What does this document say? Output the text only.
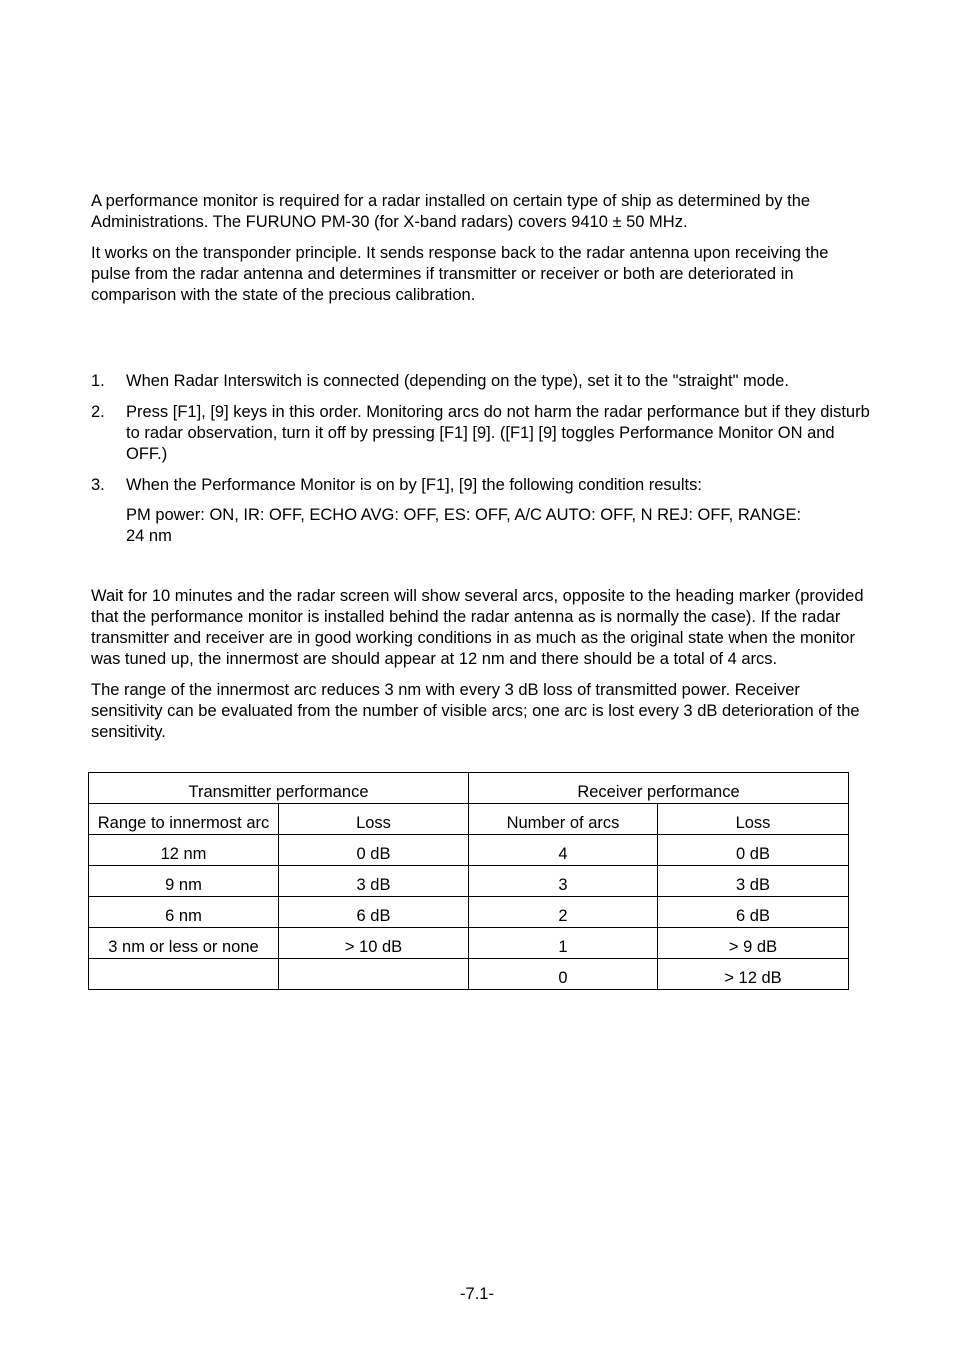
A performance monitor is required for a radar installed on certain type of ship as determined by the Administrations. The FURUNO PM-30 (for X-band radars) covers 9410 ± 50 MHz.

It works on the transponder principle. It sends response back to the radar antenna upon receiving the pulse from the radar antenna and determines if transmitter or receiver or both are deteriorated in comparison with the state of the precious calibration.

1. When Radar Interswitch is connected (depending on the type), set it to the "straight" mode.
2. Press [F1], [9] keys in this order. Monitoring arcs do not harm the radar performance but if they disturb to radar observation, turn it off by pressing [F1] [9]. ([F1] [9] toggles Performance Monitor ON and OFF.)
3. When the Performance Monitor is on by [F1], [9] the following condition results:
PM power: ON, IR: OFF, ECHO AVG: OFF, ES: OFF, A/C AUTO: OFF, N REJ: OFF, RANGE: 24 nm

Wait for 10 minutes and the radar screen will show several arcs, opposite to the heading marker (provided that the performance monitor is installed behind the radar antenna as is normally the case). If the radar transmitter and receiver are in good working conditions in as much as the original state when the monitor was tuned up, the innermost are should appear at 12 nm and there should be a total of 4 arcs.

The range of the innermost arc reduces 3 nm with every 3 dB loss of transmitted power. Receiver sensitivity can be evaluated from the number of visible arcs; one arc is lost every 3 dB deterioration of the sensitivity.

Transmitter performance		Receiver performance	
Range to innermost arc	Loss	Number of arcs	Loss
12 nm	0 dB	4	0 dB
9 nm	3 dB	3	3 dB
6 nm	6 dB	2	6 dB
3 nm or less or none	> 10 dB	1	> 9 dB
		0	> 12 dB
-7.1-
